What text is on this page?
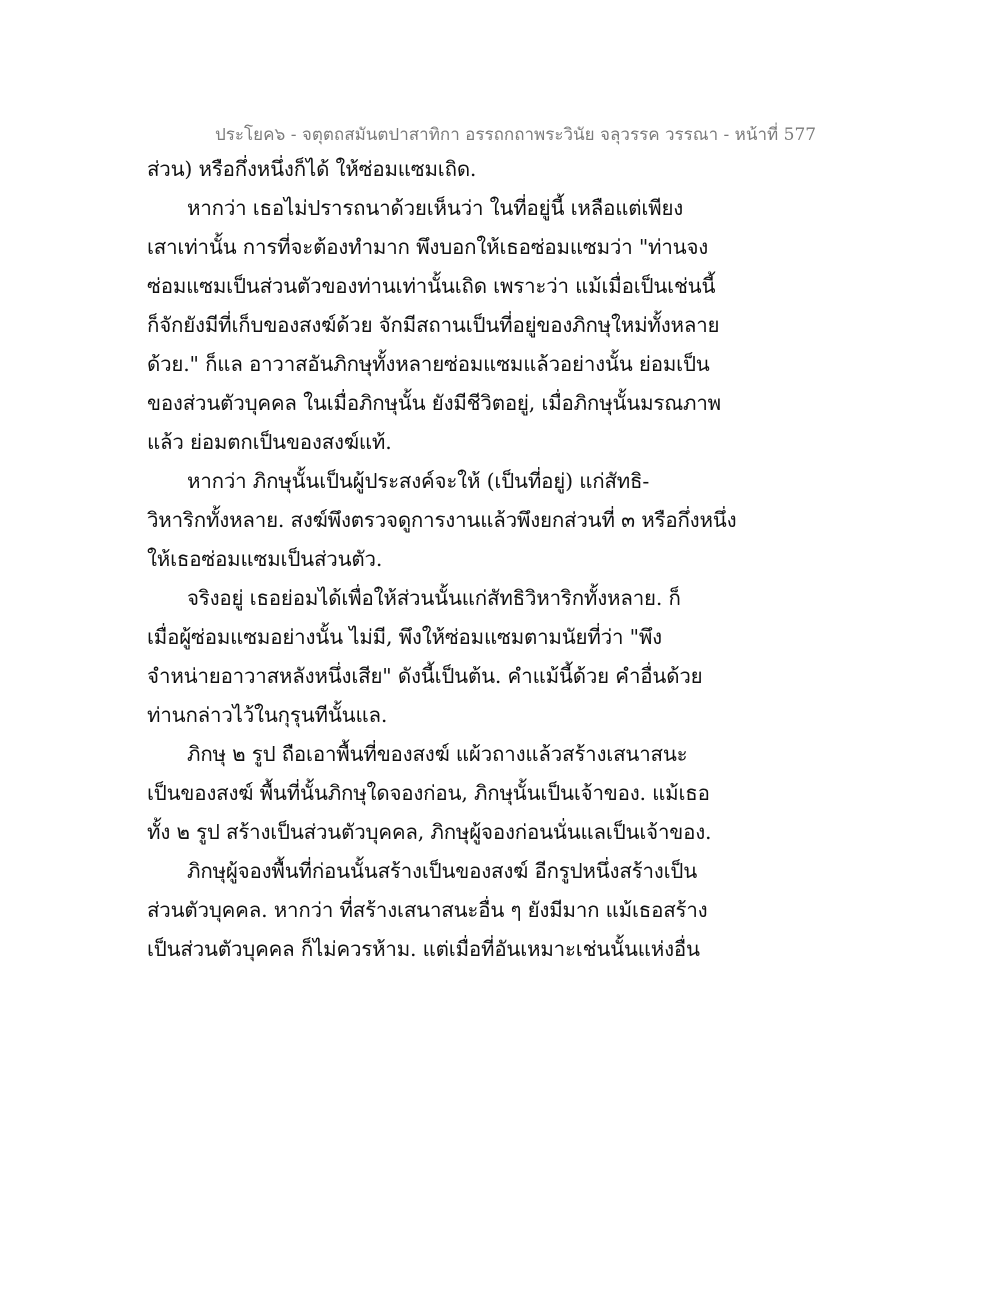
ประโยค๖ - จตุตถสมันตปาสาทิกา อรรถกถาพระวินัย จลุวรรค วรรณา - หน้าที่ 577
ส่วน) หรือกึ่งหนึ่งก็ได้ ให้ซ่อมแซมเถิด.
หากว่า เธอไม่ปรารถนาด้วยเห็นว่า ในที่อยู่นี้ เหลือแต่เพียง
เสาเท่านั้น การที่จะต้องทำมาก พึงบอกให้เธอซ่อมแซมว่า "ท่านจง
ซ่อมแซมเป็นส่วนตัวของท่านเท่านั้นเถิด เพราะว่า แม้เมื่อเป็นเช่นนี้
ก็จักยังมีที่เก็บของสงฆ์ด้วย จักมีสถานเป็นที่อยู่ของภิกษุใหม่ทั้งหลาย
ด้วย." ก็แล อาวาสอันภิกษุทั้งหลายซ่อมแซมแล้วอย่างนั้น ย่อมเป็น
ของส่วนตัวบุคคล ในเมื่อภิกษุนั้น ยังมีชีวิตอยู่, เมื่อภิกษุนั้นมรณภาพ
แล้ว ย่อมตกเป็นของสงฆ์แท้.
หากว่า ภิกษุนั้นเป็นผู้ประสงค์จะให้ (เป็นที่อยู่) แก่สัทธิ-
วิหาริกทั้งหลาย. สงฆ์พึงตรวจดูการงานแล้วพึงยกส่วนที่ ๓ หรือกึ่งหนึ่ง
ให้เธอซ่อมแซมเป็นส่วนตัว.
จริงอยู่ เธอย่อมได้เพื่อให้ส่วนนั้นแก่สัทธิวิหาริกทั้งหลาย. ก็
เมื่อผู้ซ่อมแซมอย่างนั้น ไม่มี, พึงให้ซ่อมแซมตามนัยที่ว่า "พึง
จำหน่ายอาวาสหลังหนึ่งเสีย" ดังนี้เป็นต้น. คำแม้นี้ด้วย คำอื่นด้วย
ท่านกล่าวไว้ในกุรุนทีนั้นแล.
ภิกษุ ๒ รูป ถือเอาพื้นที่ของสงฆ์ แผ้วถางแล้วสร้างเสนาสนะ
เป็นของสงฆ์ พื้นที่นั้นภิกษุใดจองก่อน, ภิกษุนั้นเป็นเจ้าของ. แม้เธอ
ทั้ง ๒ รูป สร้างเป็นส่วนตัวบุคคล, ภิกษุผู้จองก่อนนั่นแลเป็นเจ้าของ.
ภิกษุผู้จองพื้นที่ก่อนนั้นสร้างเป็นของสงฆ์ อีกรูปหนึ่งสร้างเป็น
ส่วนตัวบุคคล. หากว่า ที่สร้างเสนาสนะอื่น ๆ ยังมีมาก แม้เธอสร้าง
เป็นส่วนตัวบุคคล ก็ไม่ควรห้าม. แต่เมื่อที่อันเหมาะเช่นนั้นแห่งอื่น
